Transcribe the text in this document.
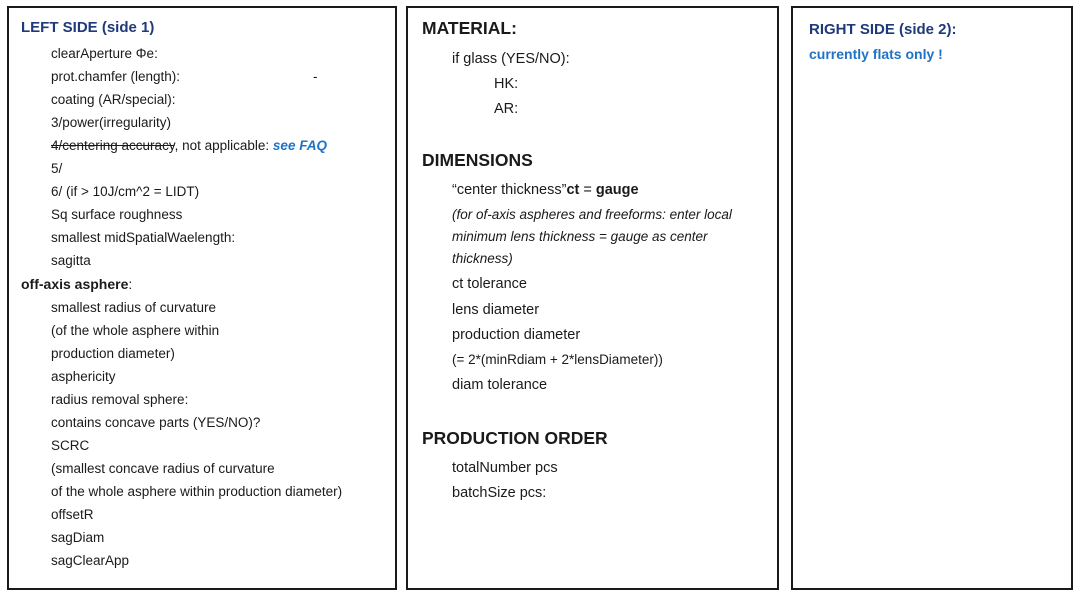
LEFT SIDE (side 1)
clearAperture Φe:
prot.chamfer (length):	-
coating (AR/special):
3/power(irregularity)
4/centering accuracy, not applicable: see FAQ
5/
6/ (if > 10J/cm^2 = LIDT)
Sq surface roughness
smallest midSpatialWaelength:
sagitta
off-axis asphere:
smallest radius of curvature
(of the whole asphere within
production diameter)
asphericity
radius removal sphere:
contains concave parts (YES/NO)?
SCRC
(smallest concave radius of curvature
of the whole asphere within production diameter)
offsetR
sagDiam
sagClearApp
MATERIAL:
if glass (YES/NO):
HK:
AR:
DIMENSIONS
“center thickness”ct = gauge
(for of-axis aspheres and freeforms: enter local
minimum lens thickness = gauge as center
thickness)
ct tolerance
lens diameter
production diameter
(= 2*(minRdiam + 2*lensDiameter))
diam tolerance
PRODUCTION ORDER
totalNumber pcs
batchSize pcs:
RIGHT SIDE (side 2):
currently flats only !
